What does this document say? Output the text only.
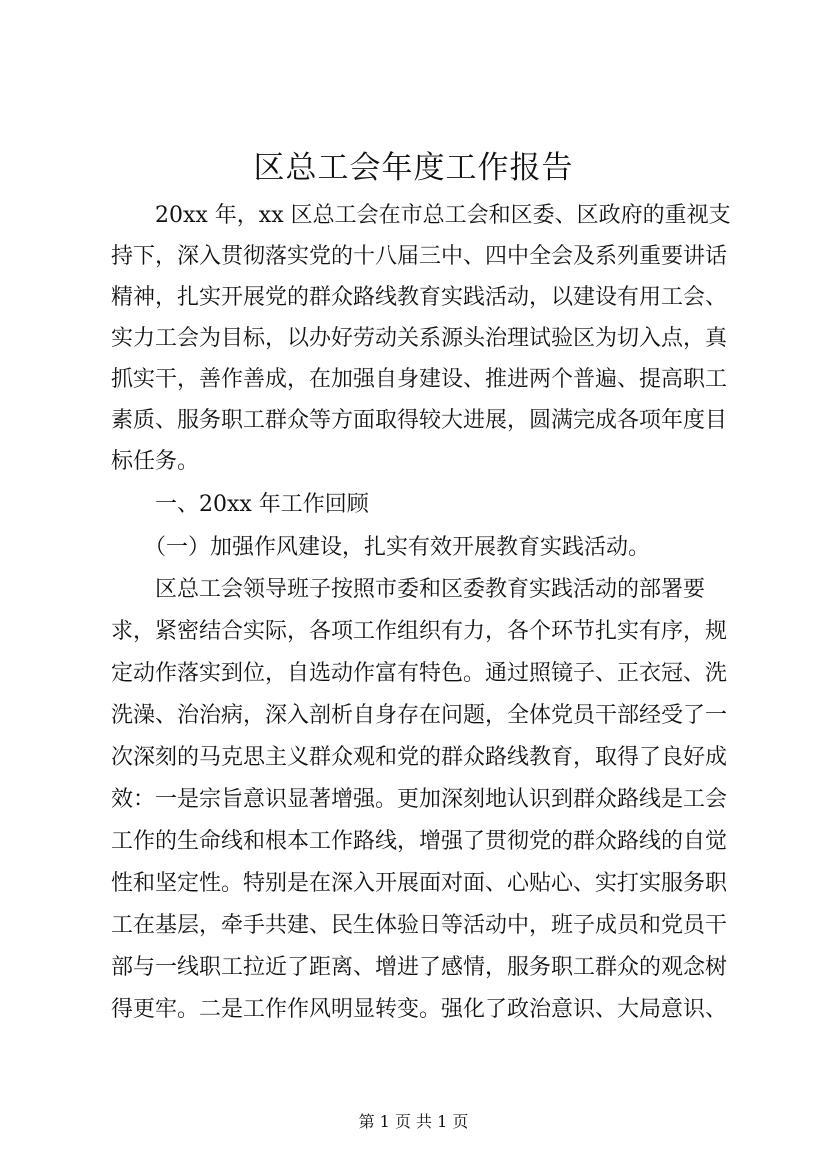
区总工会年度工作报告

　　20xx 年，xx 区总工会在市总工会和区委、区政府的重视支

持下，深入贯彻落实党的十八届三中、四中全会及系列重要讲话

精神，扎实开展党的群众路线教育实践活动，以建设有用工会、

实力工会为目标，以办好劳动关系源头治理试验区为切入点，真

抓实干，善作善成，在加强自身建设、推进两个普遍、提高职工

素质、服务职工群众等方面取得较大进展，圆满完成各项年度目

标任务。

　　一、20xx 年工作回顾

　　（一）加强作风建设，扎实有效开展教育实践活动。

　　区总工会领导班子按照市委和区委教育实践活动的部署要

求，紧密结合实际，各项工作组织有力，各个环节扎实有序，规

定动作落实到位，自选动作富有特色。通过照镜子、正衣冠、洗

洗澡、治治病，深入剖析自身存在问题，全体党员干部经受了一

次深刻的马克思主义群众观和党的群众路线教育，取得了良好成

效：一是宗旨意识显著增强。更加深刻地认识到群众路线是工会

工作的生命线和根本工作路线，增强了贯彻党的群众路线的自觉

性和坚定性。特别是在深入开展面对面、心贴心、实打实服务职

工在基层，牵手共建、民生体验日等活动中，班子成员和党员干

部与一线职工拉近了距离、增进了感情，服务职工群众的观念树

得更牢。二是工作作风明显转变。强化了政治意识、大局意识、

第 1 页 共 1 页
